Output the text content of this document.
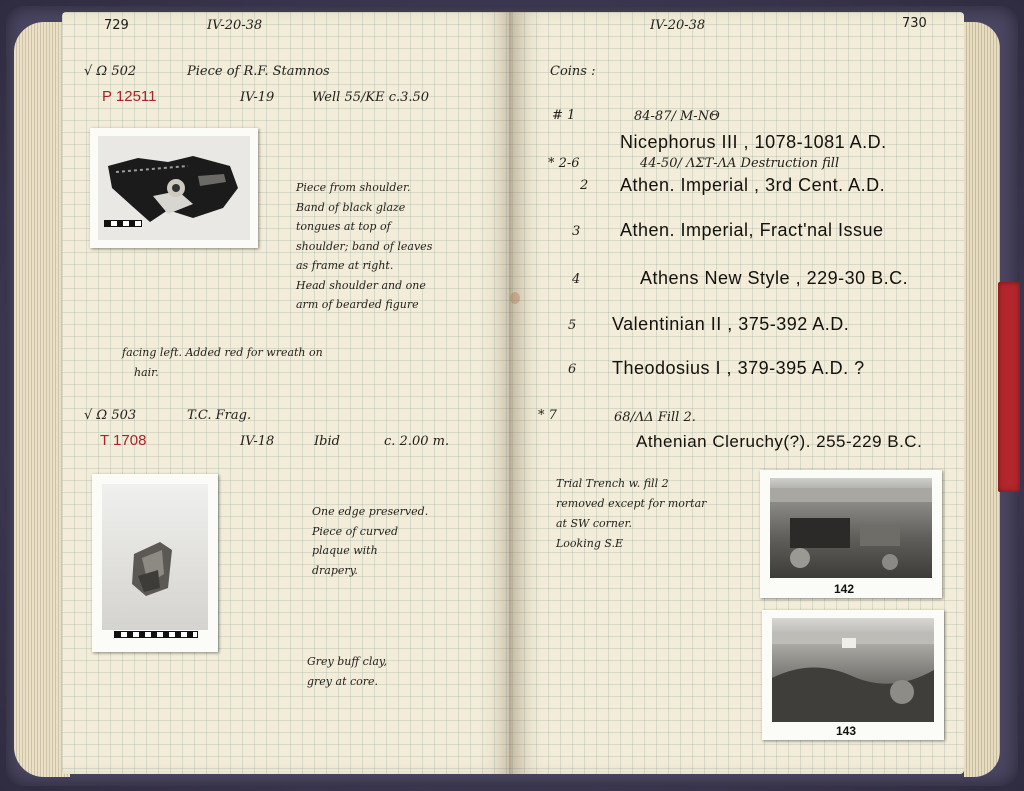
729	IV-20-38
√ Ω 502	Piece of R.F. Stamnos
P 12511	IV-19	Well 55/KE c.3.50
Piece from shoulder.
Band of black glaze
tongues at top of
shoulder; band of leaves
as frame at right.
Head shoulder and one
arm of bearded figure
facing left. Added red for wreath on
hair.
√ Ω 503	T.C. Frag.
T 1708	IV-18	Ibid	c. 2.00 m.
One edge preserved.
Piece of curved
plaque with
drapery.
Grey buff clay,
grey at core.
IV-20-38	730
Coins :
# 1	84-87/ M-NΘ
Nicephorus III , 1078-1081 A.D.
* 2-6	44-50/ ΛΣΤ-ΛΑ Destruction fill
2 Athen. Imperial , 3rd Cent. A.D.
3 Athen. Imperial, Fract'nal Issue
4	Athens New Style , 229-30 B.C.
5 Valentinian II , 375-392 A.D.
6 Theodosius I , 379-395 A.D. ?
* 7	68/ΛΔ Fill 2.
Athenian Cleruchy(?). 255-229 B.C.
Trial Trench w. fill 2
removed except for mortar
at SW corner.
Looking S.E
142
143
